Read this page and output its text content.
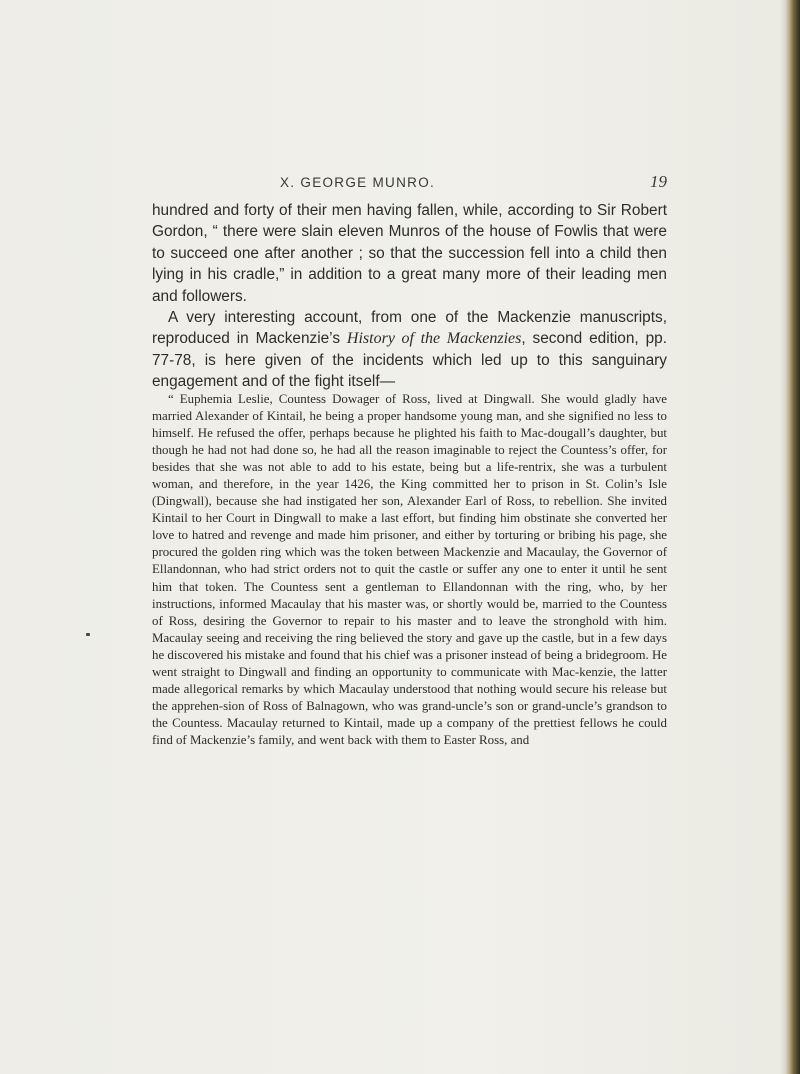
X. GEORGE MUNRO.	19

hundred and forty of their men having fallen, while, according to Sir Robert Gordon, “ there were slain eleven Munros of the house of Fowlis that were to succeed one after another ; so that the succession fell into a child then lying in his cradle,” in addition to a great many more of their leading men and followers.

A very interesting account, from one of the Mackenzie manuscripts, reproduced in Mackenzie’s History of the Mackenzies, second edition, pp. 77-78, is here given of the incidents which led up to this sanguinary engagement and of the fight itself—

“ Euphemia Leslie, Countess Dowager of Ross, lived at Dingwall. She would gladly have married Alexander of Kintail, he being a proper handsome young man, and she signified no less to himself. He refused the offer, perhaps because he plighted his faith to Mac-dougall’s daughter, but though he had not had done so, he had all the reason imaginable to reject the Countess’s offer, for besides that she was not able to add to his estate, being but a life-rentrix, she was a turbulent woman, and therefore, in the year 1426, the King committed her to prison in St. Colin’s Isle (Dingwall), because she had instigated her son, Alexander Earl of Ross, to rebellion. She invited Kintail to her Court in Dingwall to make a last effort, but finding him obstinate she converted her love to hatred and revenge and made him prisoner, and either by torturing or bribing his page, she procured the golden ring which was the token between Mackenzie and Macaulay, the Governor of Ellandonnan, who had strict orders not to quit the castle or suffer any one to enter it until he sent him that token. The Countess sent a gentleman to Ellandonnan with the ring, who, by her instructions, informed Macaulay that his master was, or shortly would be, married to the Countess of Ross, desiring the Governor to repair to his master and to leave the stronghold with him. Macaulay seeing and receiving the ring believed the story and gave up the castle, but in a few days he discovered his mistake and found that his chief was a prisoner instead of being a bridegroom. He went straight to Dingwall and finding an opportunity to communicate with Mac-kenzie, the latter made allegorical remarks by which Macaulay understood that nothing would secure his release but the apprehen-sion of Ross of Balnagown, who was grand-uncle’s son or grand-uncle’s grandson to the Countess. Macaulay returned to Kintail, made up a company of the prettiest fellows he could find of Mackenzie’s family, and went back with them to Easter Ross, and
